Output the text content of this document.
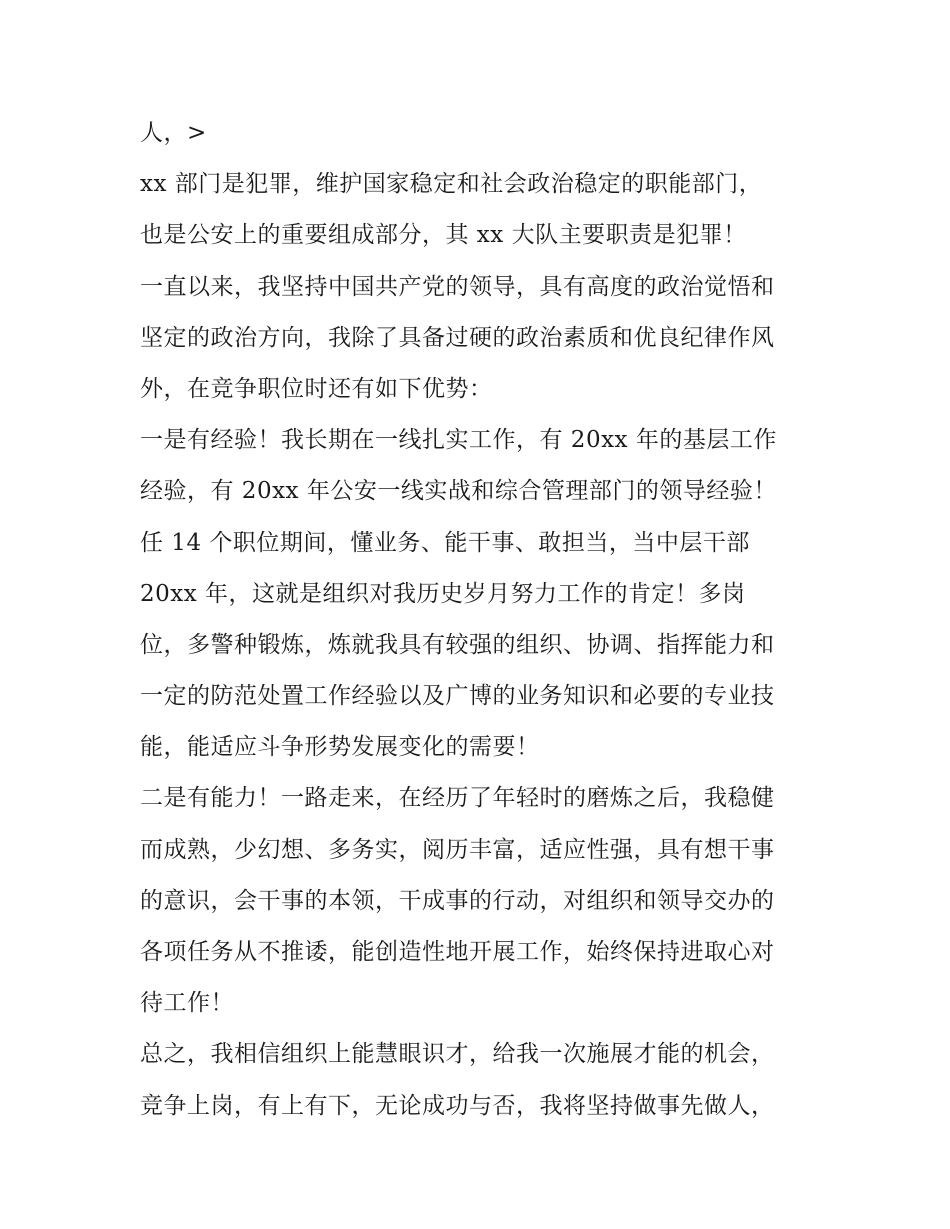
人，>
xx 部门是犯罪，维护国家稳定和社会政治稳定的职能部门，
也是公安上的重要组成部分，其 xx 大队主要职责是犯罪！
一直以来，我坚持中国共产党的领导，具有高度的政治觉悟和
坚定的政治方向，我除了具备过硬的政治素质和优良纪律作风
外，在竞争职位时还有如下优势：
一是有经验！我长期在一线扎实工作，有 20xx 年的基层工作
经验，有 20xx 年公安一线实战和综合管理部门的领导经验！
任 14 个职位期间，懂业务、能干事、敢担当，当中层干部
20xx 年，这就是组织对我历史岁月努力工作的肯定！多岗
位，多警种锻炼，炼就我具有较强的组织、协调、指挥能力和
一定的防范处置工作经验以及广博的业务知识和必要的专业技
能，能适应斗争形势发展变化的需要！
二是有能力！一路走来，在经历了年轻时的磨炼之后，我稳健
而成熟，少幻想、多务实，阅历丰富，适应性强，具有想干事
的意识，会干事的本领，干成事的行动，对组织和领导交办的
各项任务从不推诿，能创造性地开展工作，始终保持进取心对
待工作！
总之，我相信组织上能慧眼识才，给我一次施展才能的机会，
竞争上岗，有上有下，无论成功与否，我将坚持做事先做人，
